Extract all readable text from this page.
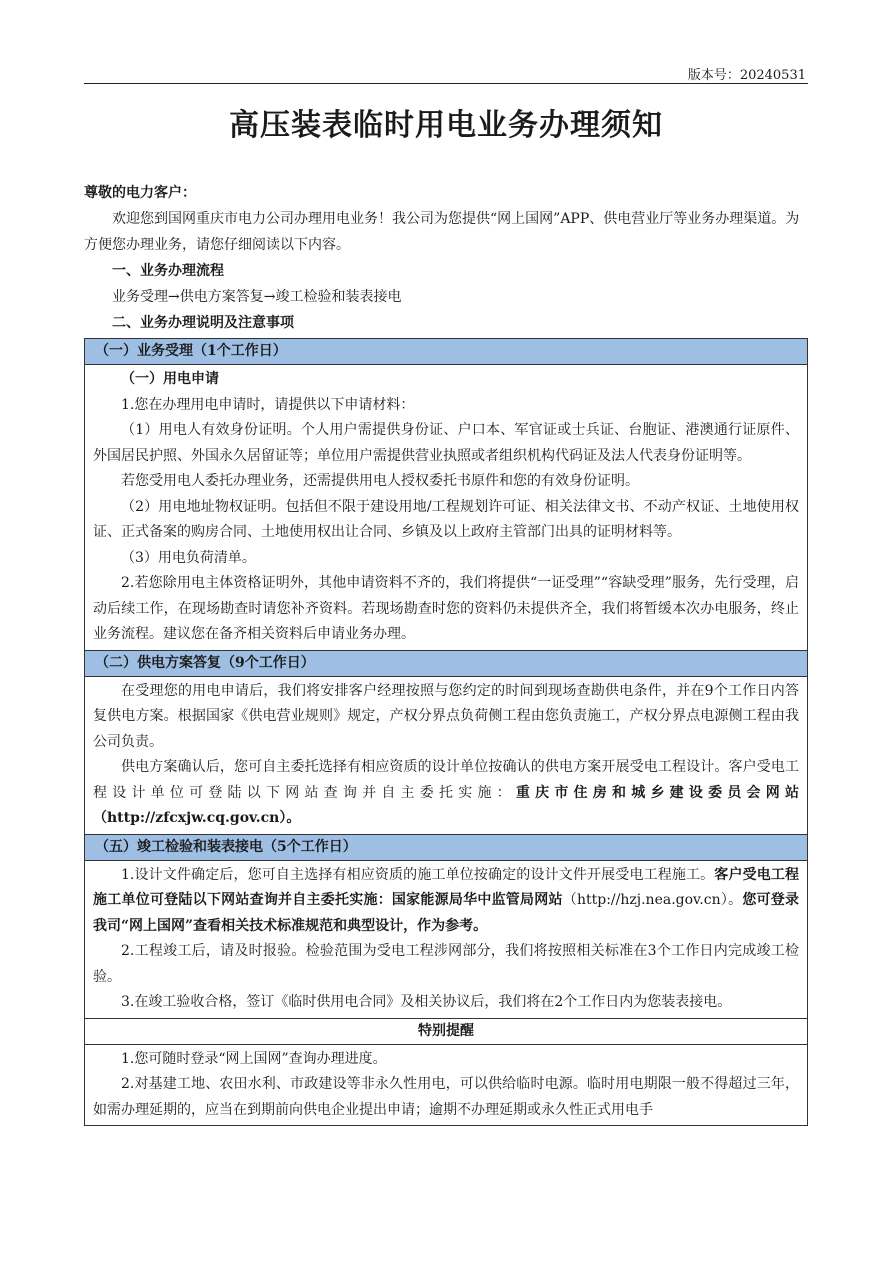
版本号：20240531
高压装表临时用电业务办理须知

尊敬的电力客户：

欢迎您到国网重庆市电力公司办理用电业务！我公司为您提供“网上国网”APP、供电营业厅等业务办理渠道。为方便您办理业务，请您仔细阅读以下内容。

一、业务办理流程

业务受理→供电方案答复→竣工检验和装表接电

二、业务办理说明及注意事项

（一）业务受理（1个工作日）

（一）用电申请

1.您在办理用电申请时，请提供以下申请材料：

（1）用电人有效身份证明。个人用户需提供身份证、户口本、军官证或士兵证、台胞证、港澳通行证原件、外国居民护照、外国永久居留证等；单位用户需提供营业执照或者组织机构代码证及法人代表身份证明等。

若您受用电人委托办理业务，还需提供用电人授权委托书原件和您的有效身份证明。

（2）用电地址物权证明。包括但不限于建设用地/工程规划许可证、相关法律文书、不动产权证、土地使用权证、正式备案的购房合同、土地使用权出让合同、乡镇及以上政府主管部门出具的证明材料等。

（3）用电负荷清单。

2.若您除用电主体资格证明外，其他申请资料不齐的，我们将提供“一证受理”“容缺受理”服务，先行受理，启动后续工作，在现场勘查时请您补齐资料。若现场勘查时您的资料仍未提供齐全，我们将暂缓本次办电服务，终止业务流程。建议您在备齐相关资料后申请业务办理。

（二）供电方案答复（9个工作日）

在受理您的用电申请后，我们将安排客户经理按照与您约定的时间到现场查勘供电条件，并在9个工作日内答复供电方案。根据国家《供电营业规则》规定，产权分界点负荷侧工程由您负责施工，产权分界点电源侧工程由我公司负责。

供电方案确认后，您可自主委托选择有相应资质的设计单位按确认的供电方案开展受电工程设计。客户受电工程设计单位可登陆以下网站查询并自主委托实施：重庆市住房和城乡建设委员会网站（http://zfcxjw.cq.gov.cn）。

（五）竣工检验和装表接电（5个工作日）

1.设计文件确定后，您可自主选择有相应资质的施工单位按确定的设计文件开展受电工程施工。客户受电工程施工单位可登陆以下网站查询并自主委托实施：国家能源局华中监管局网站（http://hzj.nea.gov.cn）。您可登录我司“网上国网”查看相关技术标准规范和典型设计，作为参考。

2.工程竣工后，请及时报验。检验范围为受电工程涉网部分，我们将按照相关标准在3个工作日内完成竣工检验。

3.在竣工验收合格，签订《临时供用电合同》及相关协议后，我们将在2个工作日内为您装表接电。

特别提醒

1.您可随时登录“网上国网”查询办理进度。

2.对基建工地、农田水利、市政建设等非永久性用电，可以供给临时电源。临时用电期限一般不得超过三年，如需办理延期的，应当在到期前向供电企业提出申请；逾期不办理延期或永久性正式用电手
